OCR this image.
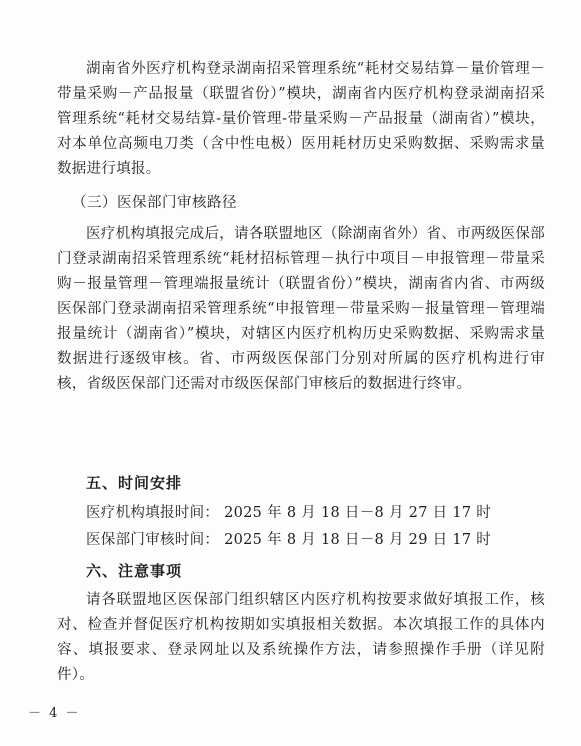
湖南省外医疗机构登录湖南招采管理系统“耗材交易结算－量价管理－带量采购－产品报量（联盟省份）”模块，湖南省内医疗机构登录湖南招采管理系统“耗材交易结算-量价管理-带量采购－产品报量（湖南省）”模块，对本单位高频电刀类（含中性电极）医用耗材历史采购数据、采购需求量数据进行填报。
（三）医保部门审核路径
医疗机构填报完成后，请各联盟地区（除湖南省外）省、市两级医保部门登录湖南招采管理系统“耗材招标管理－执行中项目－申报管理－带量采购－报量管理－管理端报量统计（联盟省份）”模块，湖南省内省、市两级医保部门登录湖南招采管理系统“申报管理－带量采购－报量管理－管理端报量统计（湖南省）”模块，对辖区内医疗机构历史采购数据、采购需求量数据进行逐级审核。省、市两级医保部门分别对所属的医疗机构进行审核，省级医保部门还需对市级医保部门审核后的数据进行终审。
五、时间安排
医疗机构填报时间： 2025 年 8 月 18 日－8 月 27 日 17 时
医保部门审核时间： 2025 年 8 月 18 日－8 月 29 日 17 时
六、注意事项
请各联盟地区医保部门组织辖区内医疗机构按要求做好填报工作，核对、检查并督促医疗机构按期如实填报相关数据。本次填报工作的具体内容、填报要求、登录网址以及系统操作方法，请参照操作手册（详见附件）。
－ 4 －
